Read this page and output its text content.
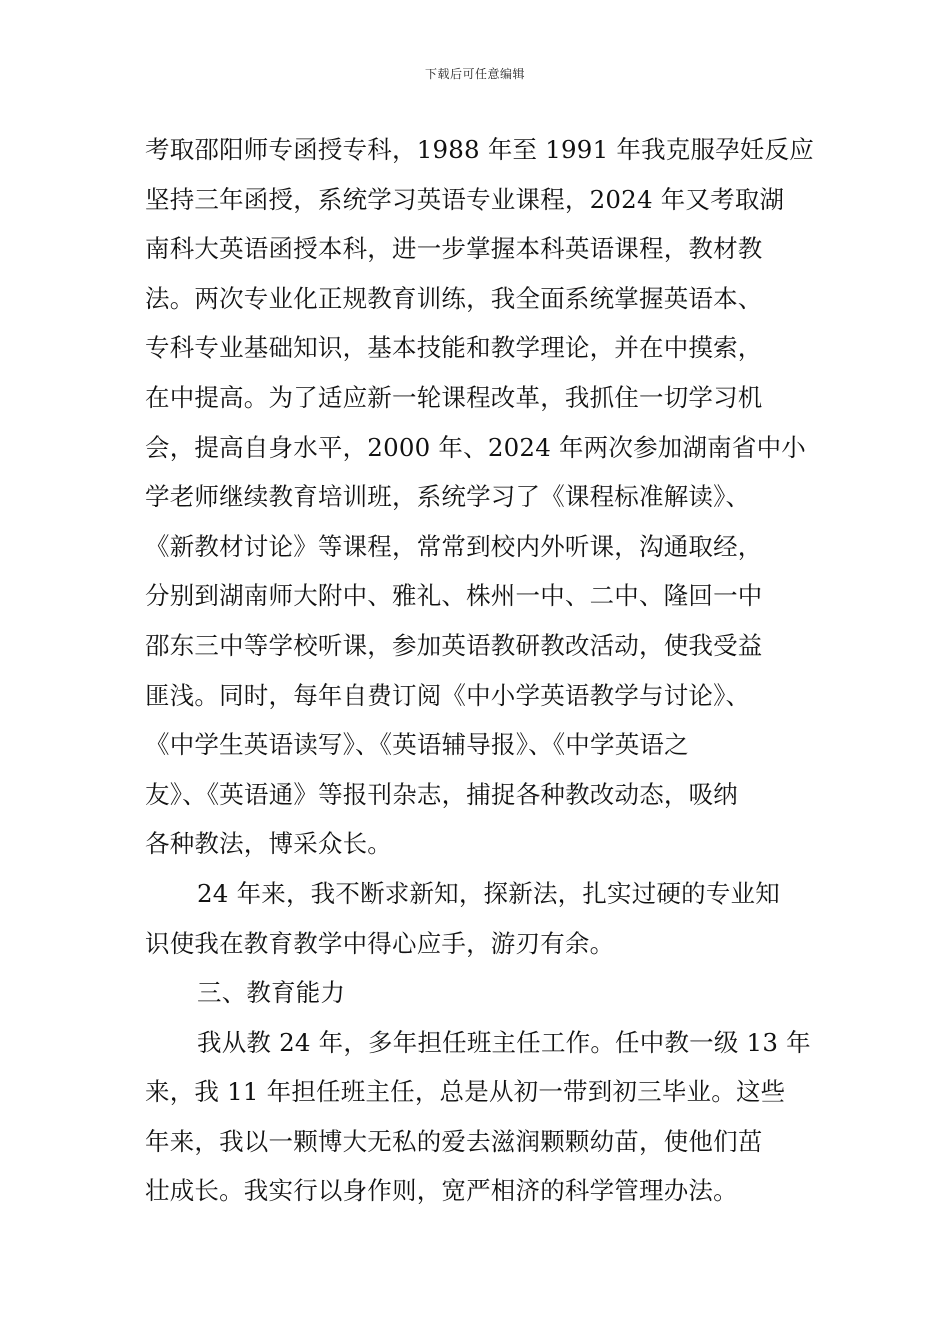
下载后可任意编辑
考取邵阳师专函授专科，1988 年至 1991 年我克服孕妊反应
坚持三年函授，系统学习英语专业课程，2024 年又考取湖
南科大英语函授本科，进一步掌握本科英语课程，教材教
法。两次专业化正规教育训练，我全面系统掌握英语本、
专科专业基础知识，基本技能和教学理论，并在中摸索，
在中提高。为了适应新一轮课程改革，我抓住一切学习机
会，提高自身水平，2000 年、2024 年两次参加湖南省中小
学老师继续教育培训班，系统学习了《课程标准解读》、
《新教材讨论》等课程，常常到校内外听课，沟通取经，
分别到湖南师大附中、雅礼、株州一中、二中、隆回一中
邵东三中等学校听课，参加英语教研教改活动，使我受益
匪浅。同时，每年自费订阅《中小学英语教学与讨论》、
《中学生英语读写》、《英语辅导报》、《中学英语之
友》、《英语通》等报刊杂志，捕捉各种教改动态，吸纳
各种教法，博采众长。
24 年来，我不断求新知，探新法，扎实过硬的专业知
识使我在教育教学中得心应手，游刃有余。
三、教育能力
我从教 24 年，多年担任班主任工作。任中教一级 13 年
来，我 11 年担任班主任，总是从初一带到初三毕业。这些
年来，我以一颗博大无私的爱去滋润颗颗幼苗，使他们茁
壮成长。我实行以身作则，宽严相济的科学管理办法。
